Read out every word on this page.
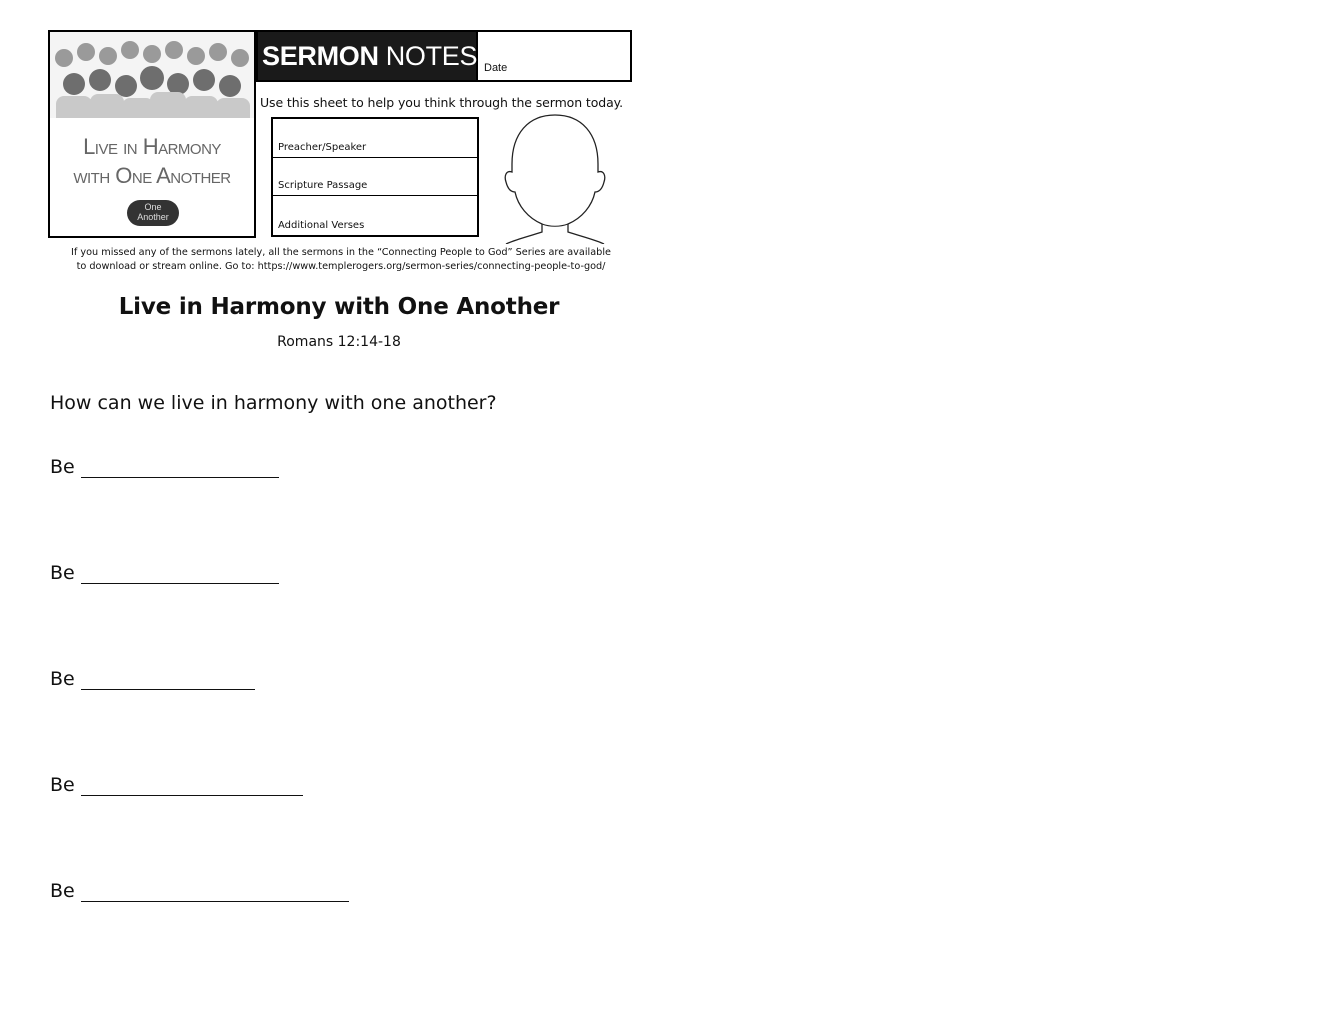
Live in Harmony
with One Another
One
Another
SERMON NOTES Date
Use this sheet to help you think through the sermon today.
Preacher/Speaker
Scripture Passage
Additional Verses
If you missed any of the sermons lately, all the sermons in the “Connecting People to God” Series are available
to download or stream online. Go to: https://www.templerogers.org/sermon-series/connecting-people-to-god/
Live in Harmony with One Another
Romans 12:14-18
How can we live in harmony with one another?
Be
Be
Be
Be
Be
